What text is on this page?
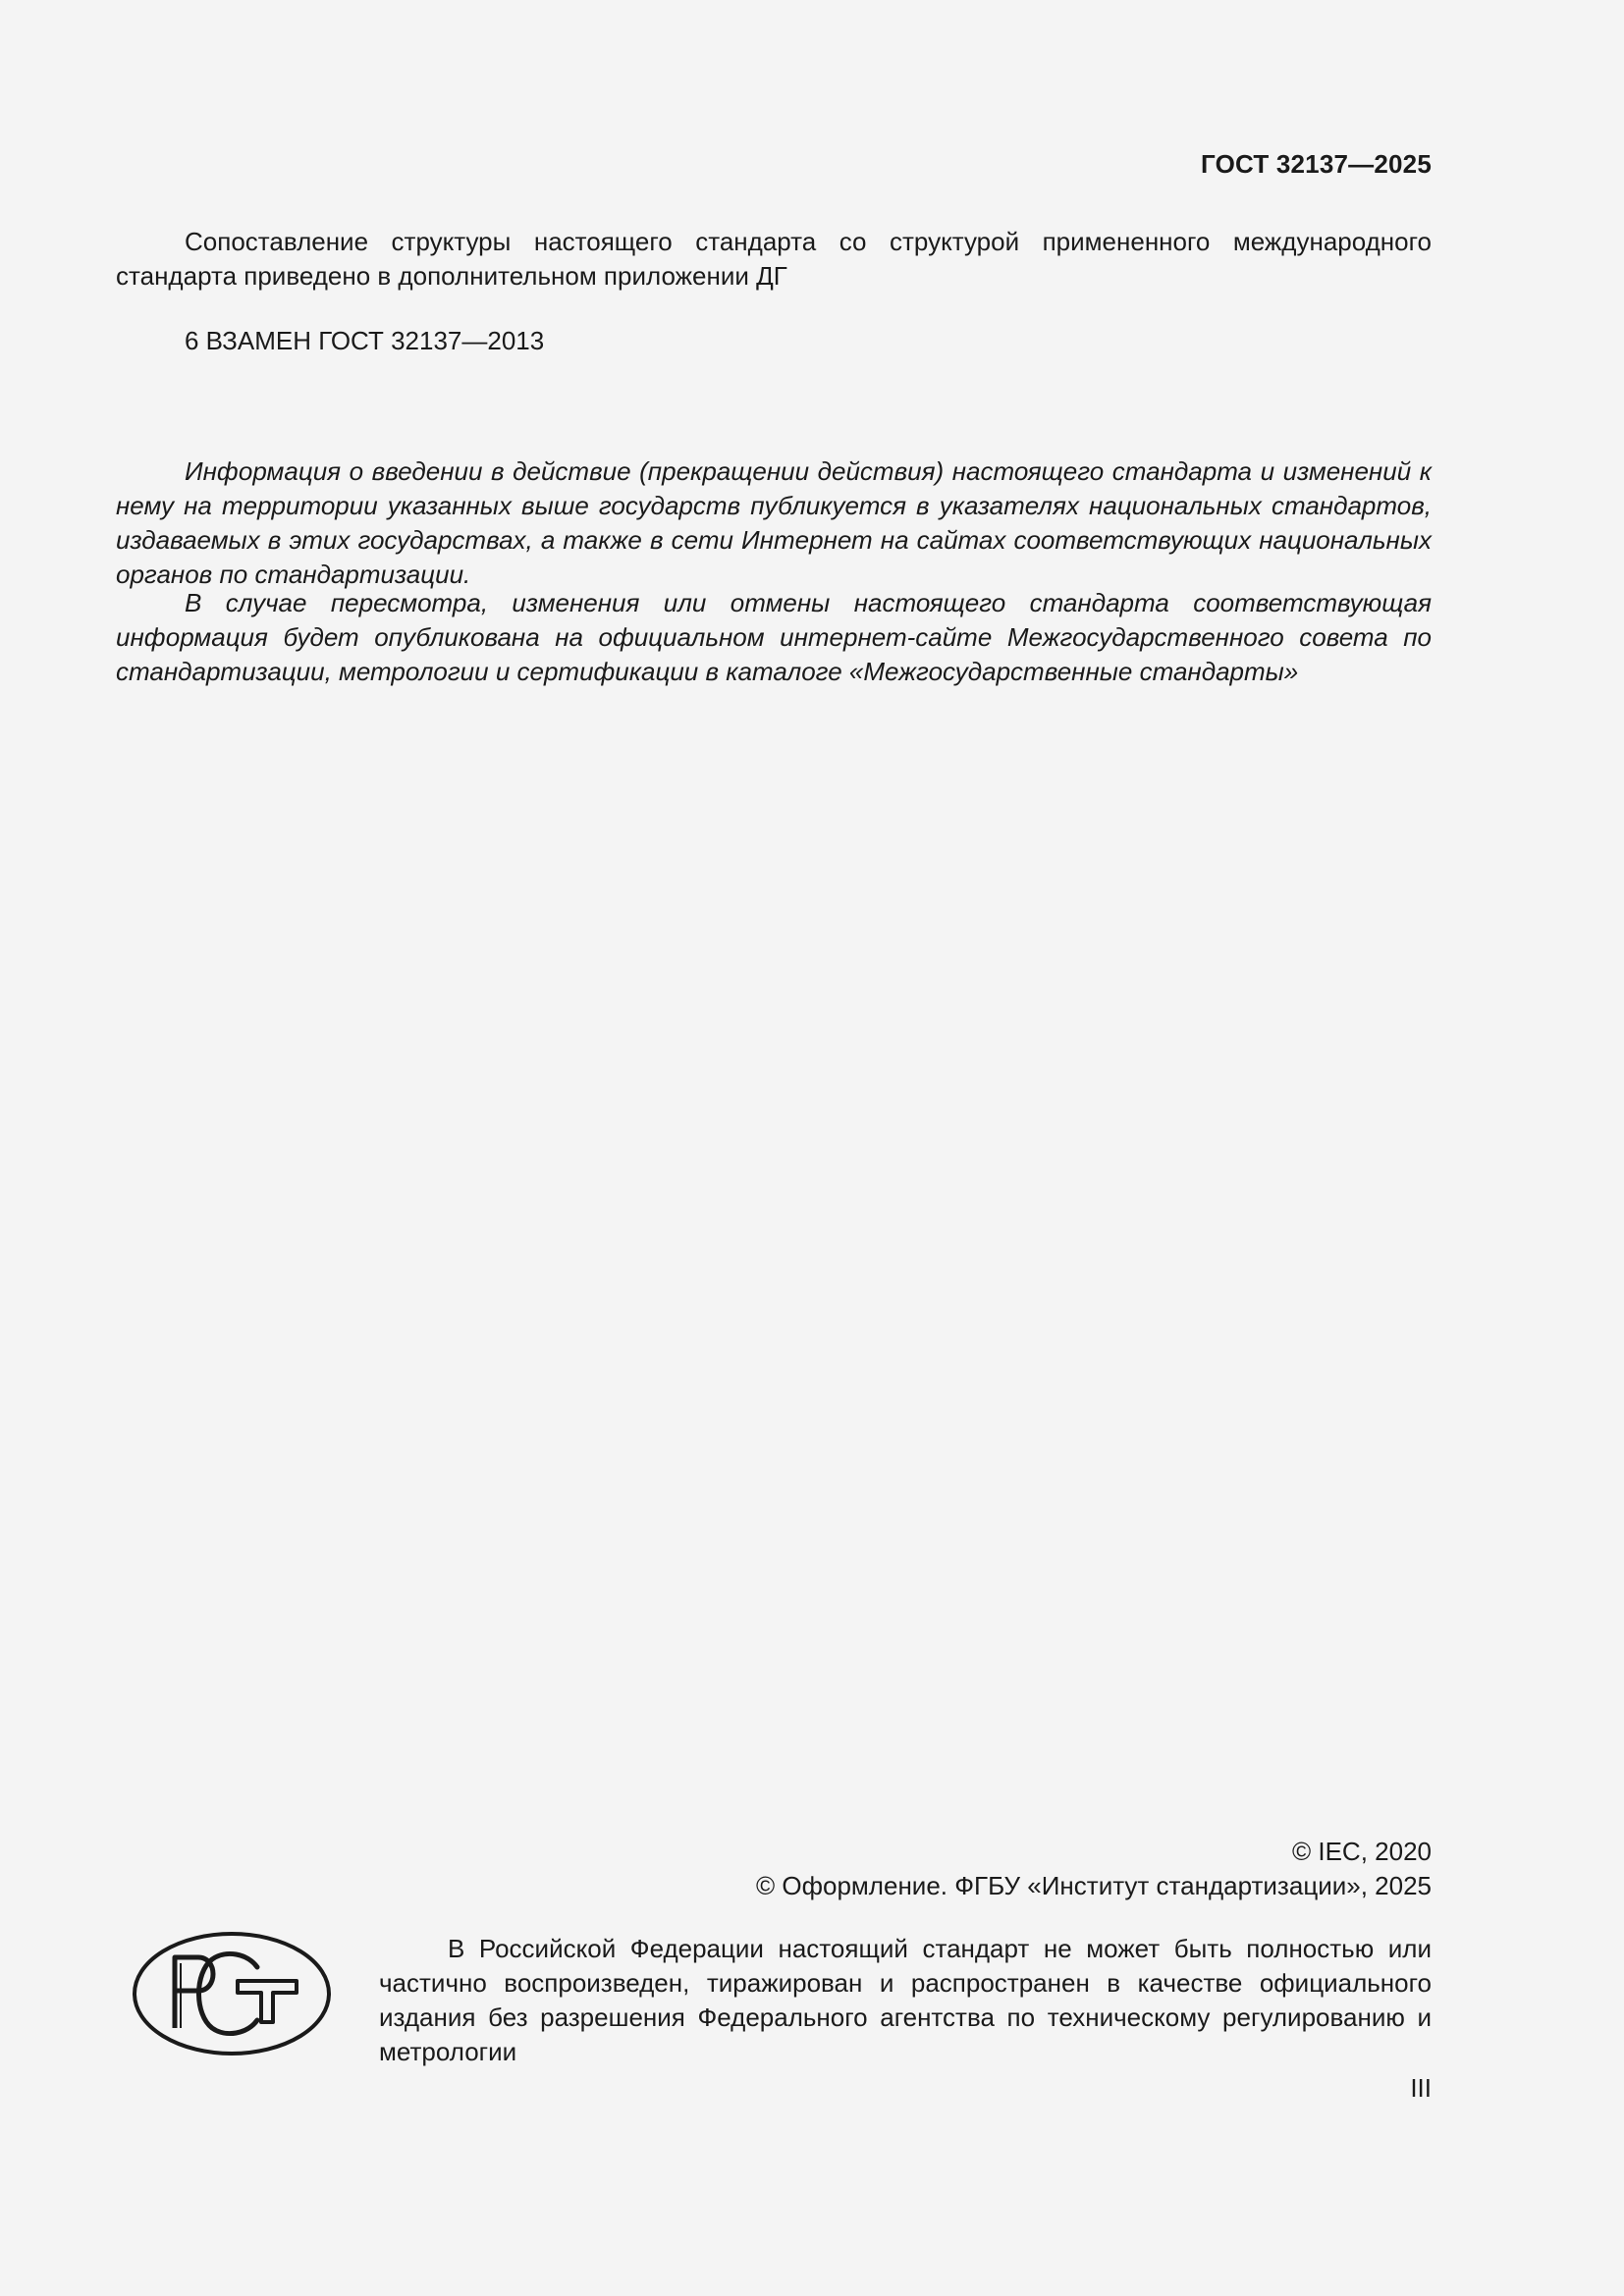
ГОСТ 32137—2025
Сопоставление структуры настоящего стандарта со структурой примененного международного стандарта приведено в дополнительном приложении ДГ
6 ВЗАМЕН ГОСТ 32137—2013
Информация о введении в действие (прекращении действия) настоящего стандарта и изменений к нему на территории указанных выше государств публикуется в указателях национальных стандартов, издаваемых в этих государствах, а также в сети Интернет на сайтах соответствующих национальных органов по стандартизации.
В случае пересмотра, изменения или отмены настоящего стандарта соответствующая информация будет опубликована на официальном интернет-сайте Межгосударственного совета по стандартизации, метрологии и сертификации в каталоге «Межгосударственные стандарты»
© IEC, 2020
© Оформление. ФГБУ «Институт стандартизации», 2025
В Российской Федерации настоящий стандарт не может быть полностью или частично воспроизведен, тиражирован и распространен в качестве официального издания без разрешения Федерального агентства по техническому регулированию и метрологии
III
